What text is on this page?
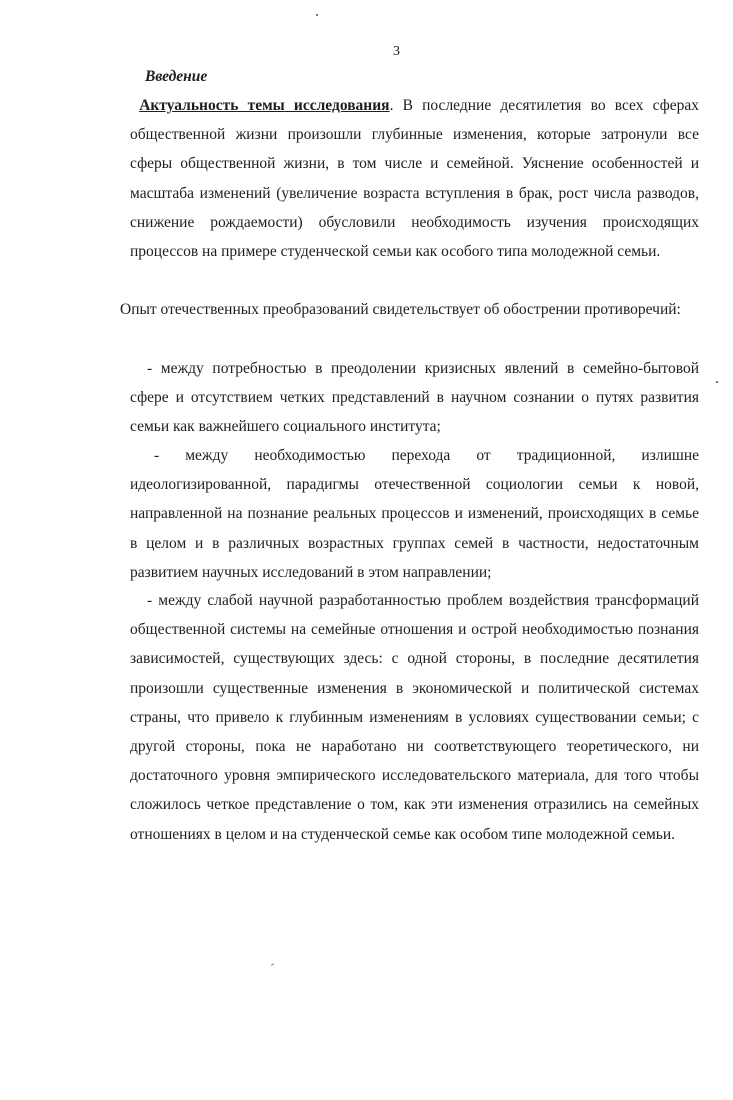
3
Введение

Актуальность темы исследования. В последние десятилетия во всех сферах общественной жизни произошли глубинные изменения, которые затронули все сферы общественной жизни, в том числе и семейной. Уяснение особенностей и масштаба изменений (увеличение возраста вступления в брак, рост числа разводов, снижение рождаемости) обусловили необходимость изучения происходящих процессов на примере студенческой семьи как особого типа молодежной семьи.

Опыт отечественных преобразований свидетельствует об обострении противоречий:

- между потребностью в преодолении кризисных явлений в семейно-бытовой сфере и отсутствием четких представлений в научном сознании о путях развития семьи как важнейшего социального института;

- между необходимостью перехода от традиционной, излишне идеологизированной, парадигмы отечественной социологии семьи к новой, направленной на познание реальных процессов и изменений, происходящих в семье в целом и в различных возрастных группах семей в частности, недостаточным развитием научных исследований в этом направлении;

- между слабой научной разработанностью проблем воздействия трансформаций общественной системы на семейные отношения и острой необходимостью познания зависимостей, существующих здесь: с одной стороны, в последние десятилетия произошли существенные изменения в экономической и политической системах страны, что привело к глубинным изменениям в условиях существовании семьи; с другой стороны, пока не наработано ни соответствующего теоретического, ни достаточного уровня эмпирического исследовательского материала, для того чтобы сложилось четкое представление о том, как эти изменения отразились на семейных отношениях в целом и на студенческой семье как особом типе молодежной семьи.
